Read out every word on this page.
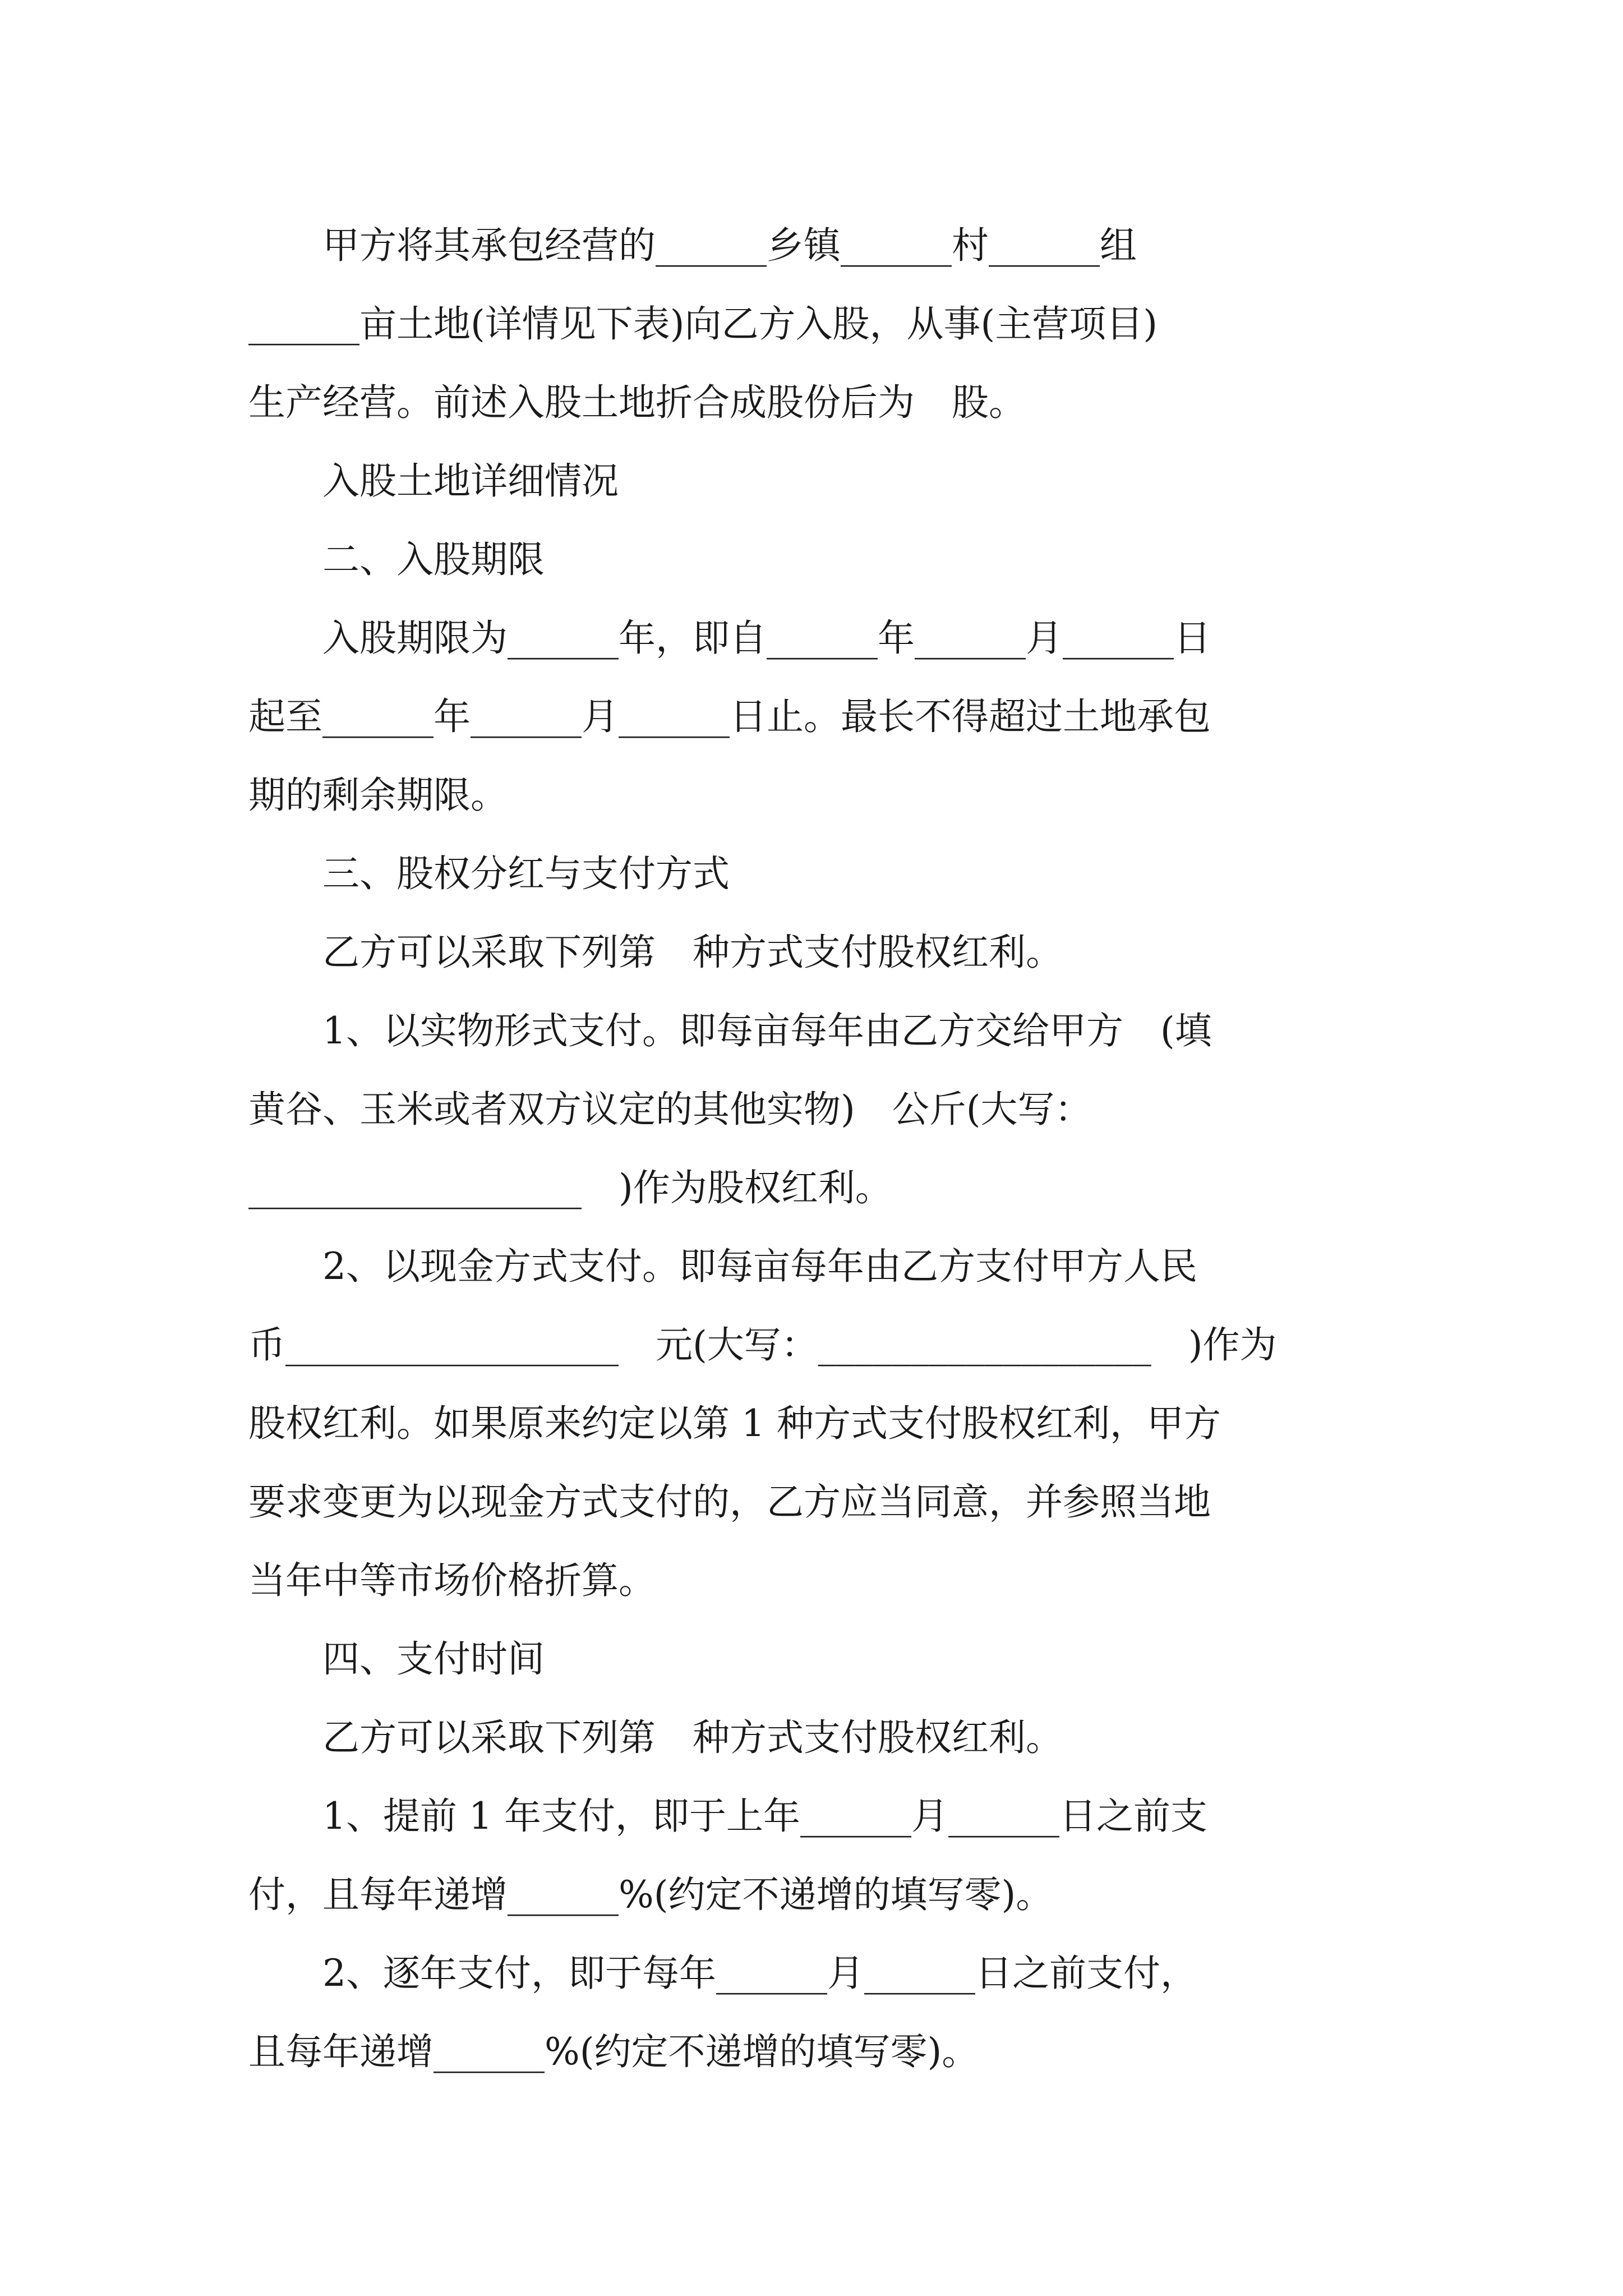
　　甲方将其承包经营的______乡镇______村______组
______亩土地(详情见下表)向乙方入股，从事(主营项目)
生产经营。前述入股土地折合成股份后为　股。
　　入股土地详细情况
　　二、入股期限
　　入股期限为______年，即自______年______月______日
起至______年______月______日止。最长不得超过土地承包
期的剩余期限。
　　三、股权分红与支付方式
　　乙方可以采取下列第　种方式支付股权红利。
　　1、以实物形式支付。即每亩每年由乙方交给甲方　(填
黄谷、玉米或者双方议定的其他实物)　公斤(大写：
__________________　)作为股权红利。
　　2、以现金方式支付。即每亩每年由乙方支付甲方人民
币__________________　元(大写：__________________　)作为
股权红利。如果原来约定以第 1 种方式支付股权红利，甲方
要求变更为以现金方式支付的，乙方应当同意，并参照当地
当年中等市场价格折算。
　　四、支付时间
　　乙方可以采取下列第　种方式支付股权红利。
　　1、提前 1 年支付，即于上年______月______日之前支
付，且每年递增______%(约定不递增的填写零)。
　　2、逐年支付，即于每年______月______日之前支付，
且每年递增______%(约定不递增的填写零)。
